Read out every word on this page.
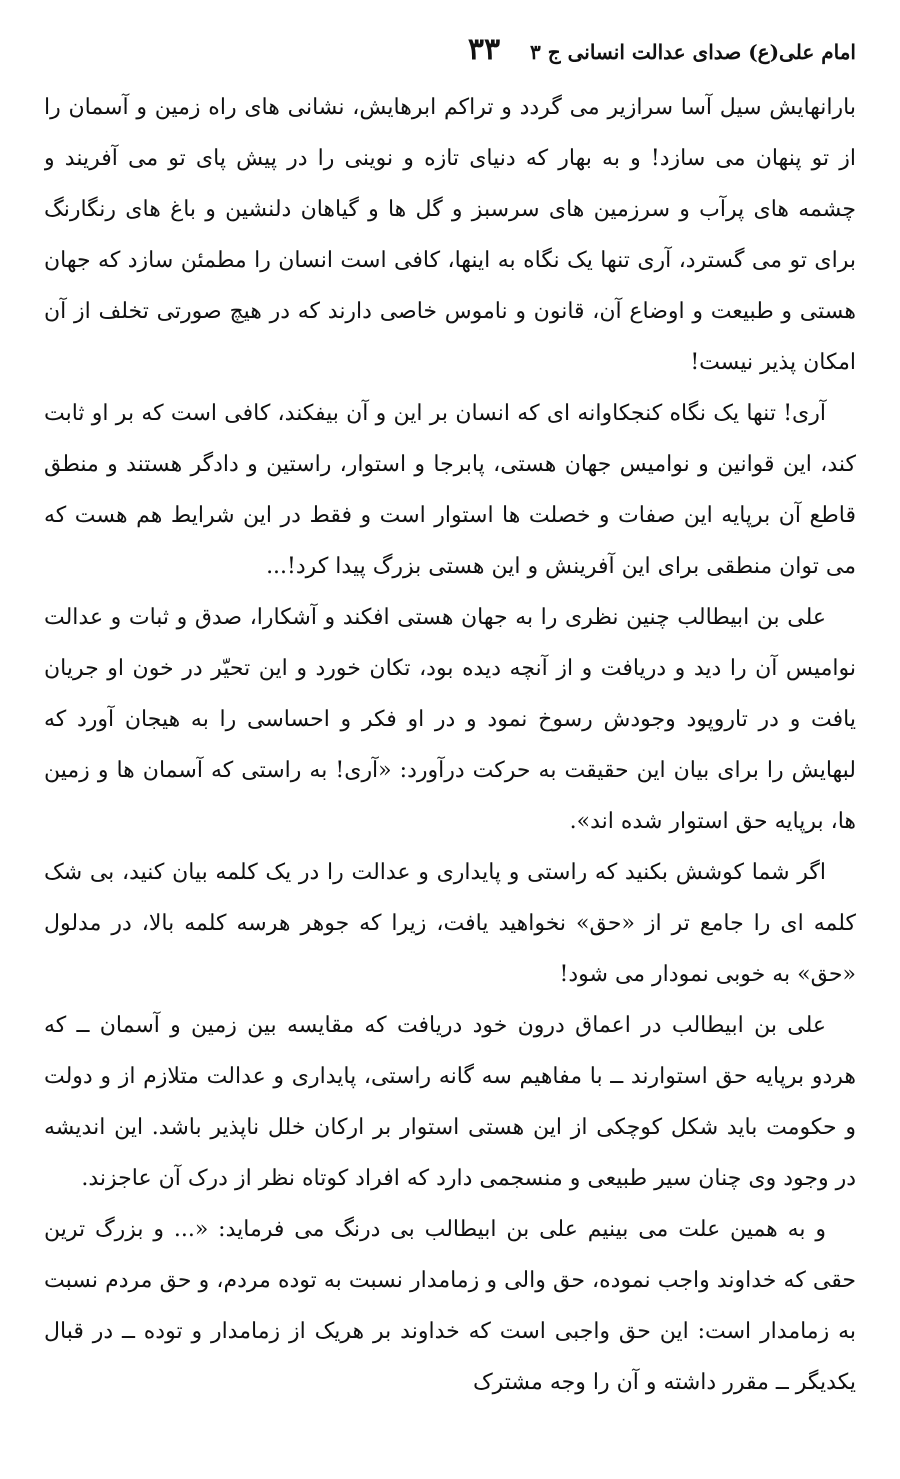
امام علی(ع) صدای عدالت انسانی ج ۳
۳۳

بارانهایش سیل آسا سرازیر می گردد و تراکم ابرهایش، نشانی های راه زمین و آسمان را از تو پنهان می سازد! و به بهار که دنیای تازه و نوینی را در پیش پای تو می آفریند و چشمه های پرآب و سرزمین های سرسبز و گل ها و گیاهان دلنشین و باغ های رنگارنگ برای تو می گسترد، آری تنها یک نگاه به اینها، کافی است انسان را مطمئن سازد که جهان هستی و طبیعت و اوضاع آن، قانون و ناموس خاصی دارند که در هیچ صورتی تخلف از آن امکان پذیر نیست!

آری! تنها یک نگاه کنجکاوانه ای که انسان بر این و آن بیفکند، کافی است که بر او ثابت کند، این قوانین و نوامیس جهان هستی، پابرجا و استوار، راستین و دادگر هستند و منطق قاطع آن برپایه این صفات و خصلت ها استوار است و فقط در این شرایط هم هست که می توان منطقی برای این آفرینش و این هستی بزرگ پیدا کرد!...

علی بن ابیطالب چنین نظری را به جهان هستی افکند و آشکارا، صدق و ثبات و عدالت نوامیس آن را دید و دریافت و از آنچه دیده بود، تکان خورد و این تحیّر در خون او جریان یافت و در تارو‌پود وجودش رسوخ نمود و در او فکر و احساسی را به هیجان آورد که لبهایش را برای بیان این حقیقت به حرکت درآورد: «آری! به راستی که آسمان ها و زمین ها، برپایه حق استوار شده اند».

اگر شما کوشش بکنید که راستی و پایداری و عدالت را در یک کلمه بیان کنید، بی شک کلمه ای را جامع تر از «حق» نخواهید یافت، زیرا که جوهر هرسه کلمه بالا، در مدلول «حق» به خوبی نمودار می شود!

علی بن ابیطالب در اعماق درون خود دریافت که مقایسه بین زمین و آسمان ــ که هردو برپایه حق استوارند ــ با مفاهیم سه گانه راستی، پایداری و عدالت متلازم از و دولت و حکومت باید شکل کوچکی از این هستی استوار بر ارکان خلل ناپذیر باشد. این اندیشه در وجود وی چنان سیر طبیعی و منسجمی دارد که افراد کوتاه نظر از درک آن عاجزند.

و به همین علت می بینیم علی بن ابیطالب بی درنگ می فرماید: «... و بزرگ ترین حقی که خداوند واجب نموده، حق والی و زمامدار نسبت به توده مردم، و حق مردم نسبت به زمامدار است: این حق واجبی است که خداوند بر هریک از زمامدار و توده ــ در قبال یکدیگر ــ مقرر داشته و آن را وجه مشترک
